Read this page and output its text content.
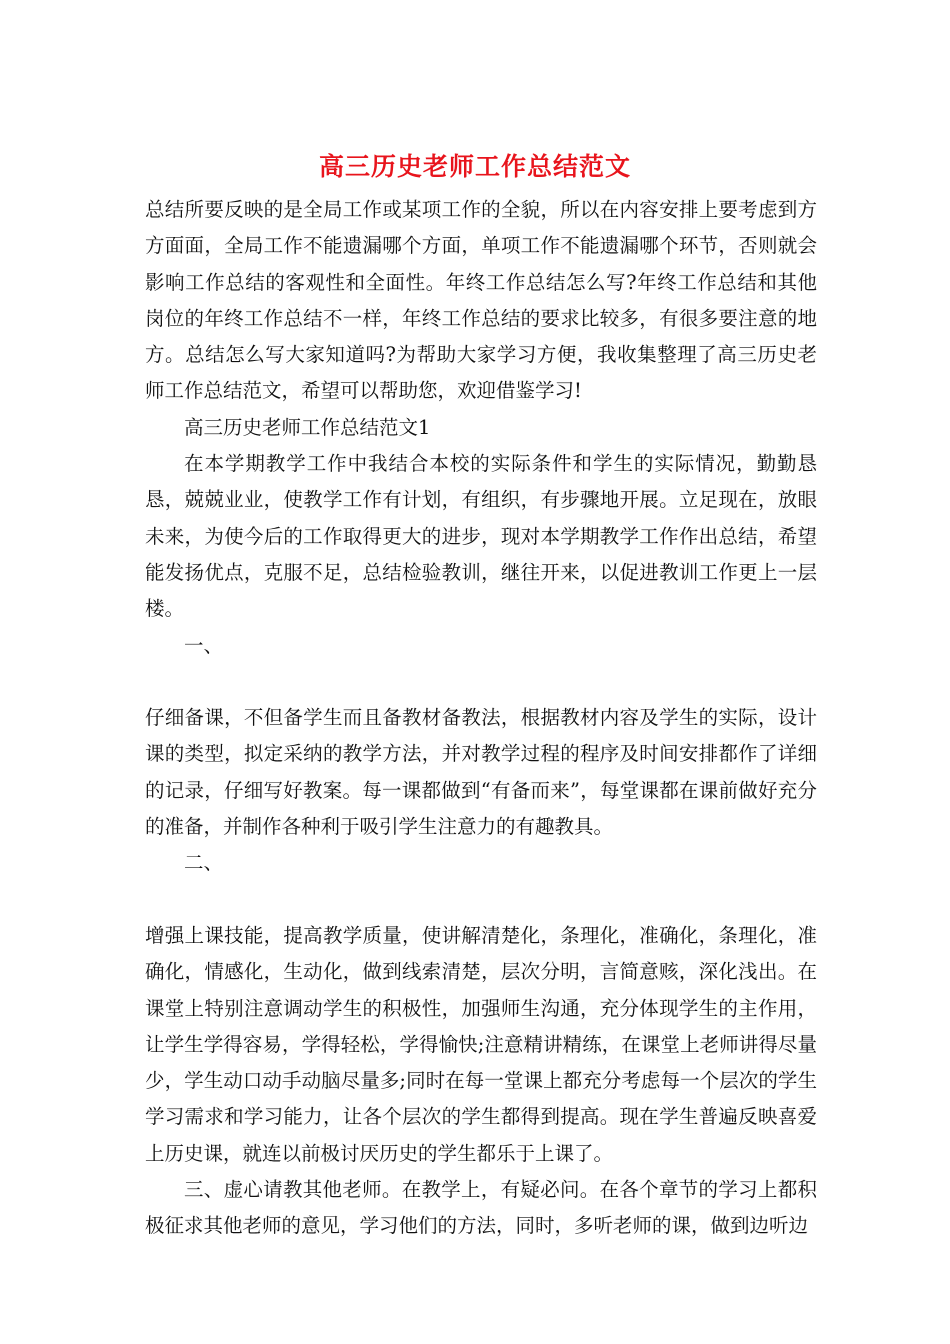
高三历史老师工作总结范文

总结所要反映的是全局工作或某项工作的全貌，所以在内容安排上要考虑到方方面面，全局工作不能遗漏哪个方面，单项工作不能遗漏哪个环节，否则就会影响工作总结的客观性和全面性。年终工作总结怎么写?年终工作总结和其他岗位的年终工作总结不一样，年终工作总结的要求比较多，有很多要注意的地方。总结怎么写大家知道吗?为帮助大家学习方便，我收集整理了高三历史老师工作总结范文，希望可以帮助您，欢迎借鉴学习!

高三历史老师工作总结范文1

在本学期教学工作中我结合本校的实际条件和学生的实际情况，勤勤恳恳，兢兢业业，使教学工作有计划，有组织，有步骤地开展。立足现在，放眼未来，为使今后的工作取得更大的进步，现对本学期教学工作作出总结，希望能发扬优点，克服不足，总结检验教训，继往开来，以促进教训工作更上一层楼。

一、

仔细备课，不但备学生而且备教材备教法，根据教材内容及学生的实际，设计课的类型，拟定采纳的教学方法，并对教学过程的程序及时间安排都作了详细的记录，仔细写好教案。每一课都做到“有备而来”，每堂课都在课前做好充分的准备，并制作各种利于吸引学生注意力的有趣教具。

二、

增强上课技能，提高教学质量，使讲解清楚化，条理化，准确化，条理化，准确化，情感化，生动化，做到线索清楚，层次分明，言简意赅，深化浅出。在课堂上特别注意调动学生的积极性，加强师生沟通，充分体现学生的主作用，让学生学得容易，学得轻松，学得愉快;注意精讲精练，在课堂上老师讲得尽量少，学生动口动手动脑尽量多;同时在每一堂课上都充分考虑每一个层次的学生学习需求和学习能力，让各个层次的学生都得到提高。现在学生普遍反映喜爱上历史课，就连以前极讨厌历史的学生都乐于上课了。

三、虚心请教其他老师。在教学上，有疑必问。在各个章节的学习上都积极征求其他老师的意见，学习他们的方法，同时，多听老师的课，做到边听边
